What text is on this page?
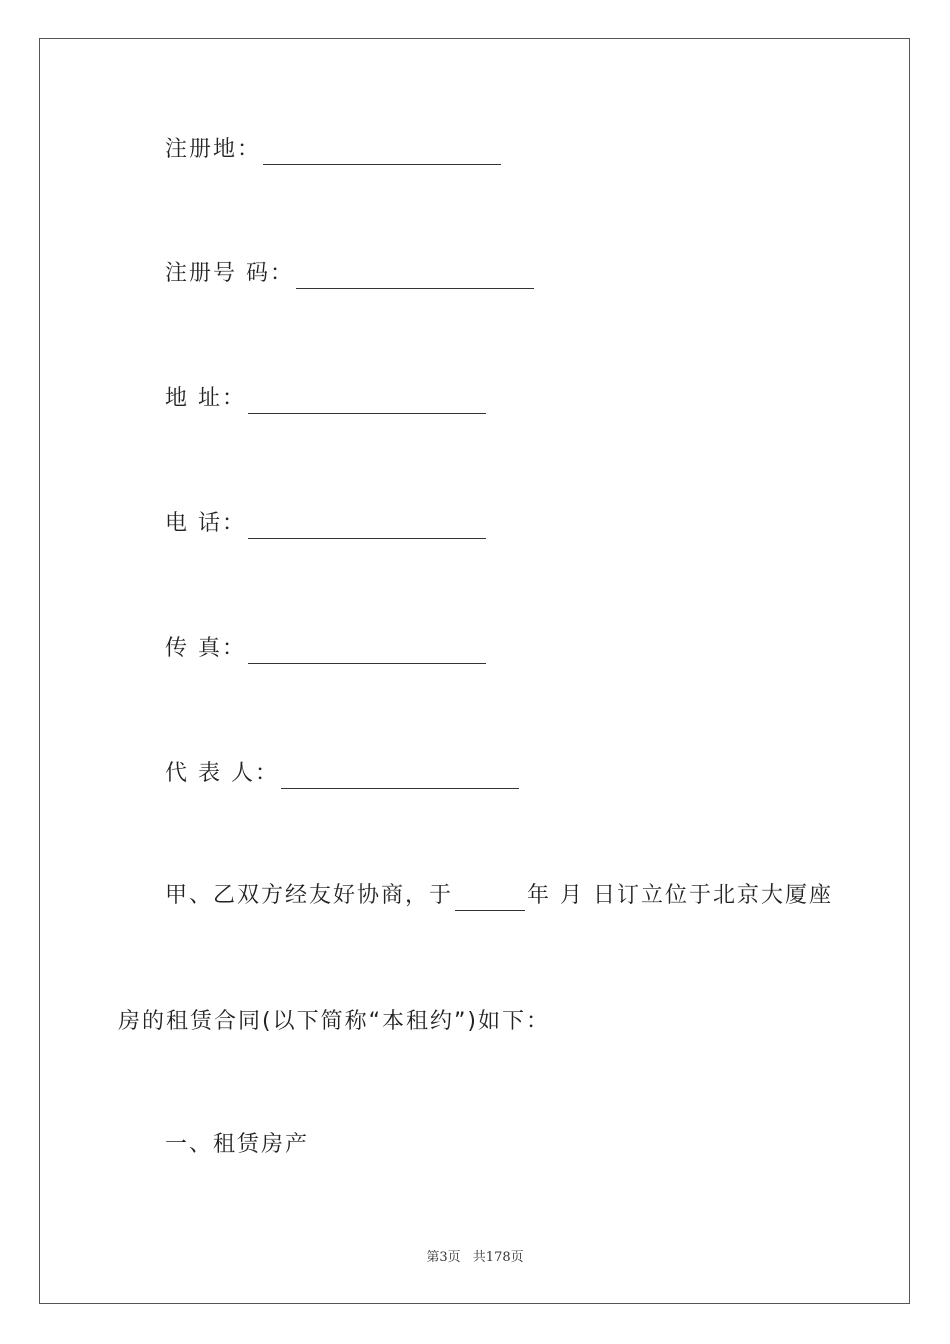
注册地：
注册号 码：
地 址：
电 话：
传 真：
代 表 人：
甲、乙双方经友好协商，于	年 月 日订立位于北京大厦座
房的租赁合同(以下简称“本租约”)如下：
一、租赁房产
第3页 共178页
